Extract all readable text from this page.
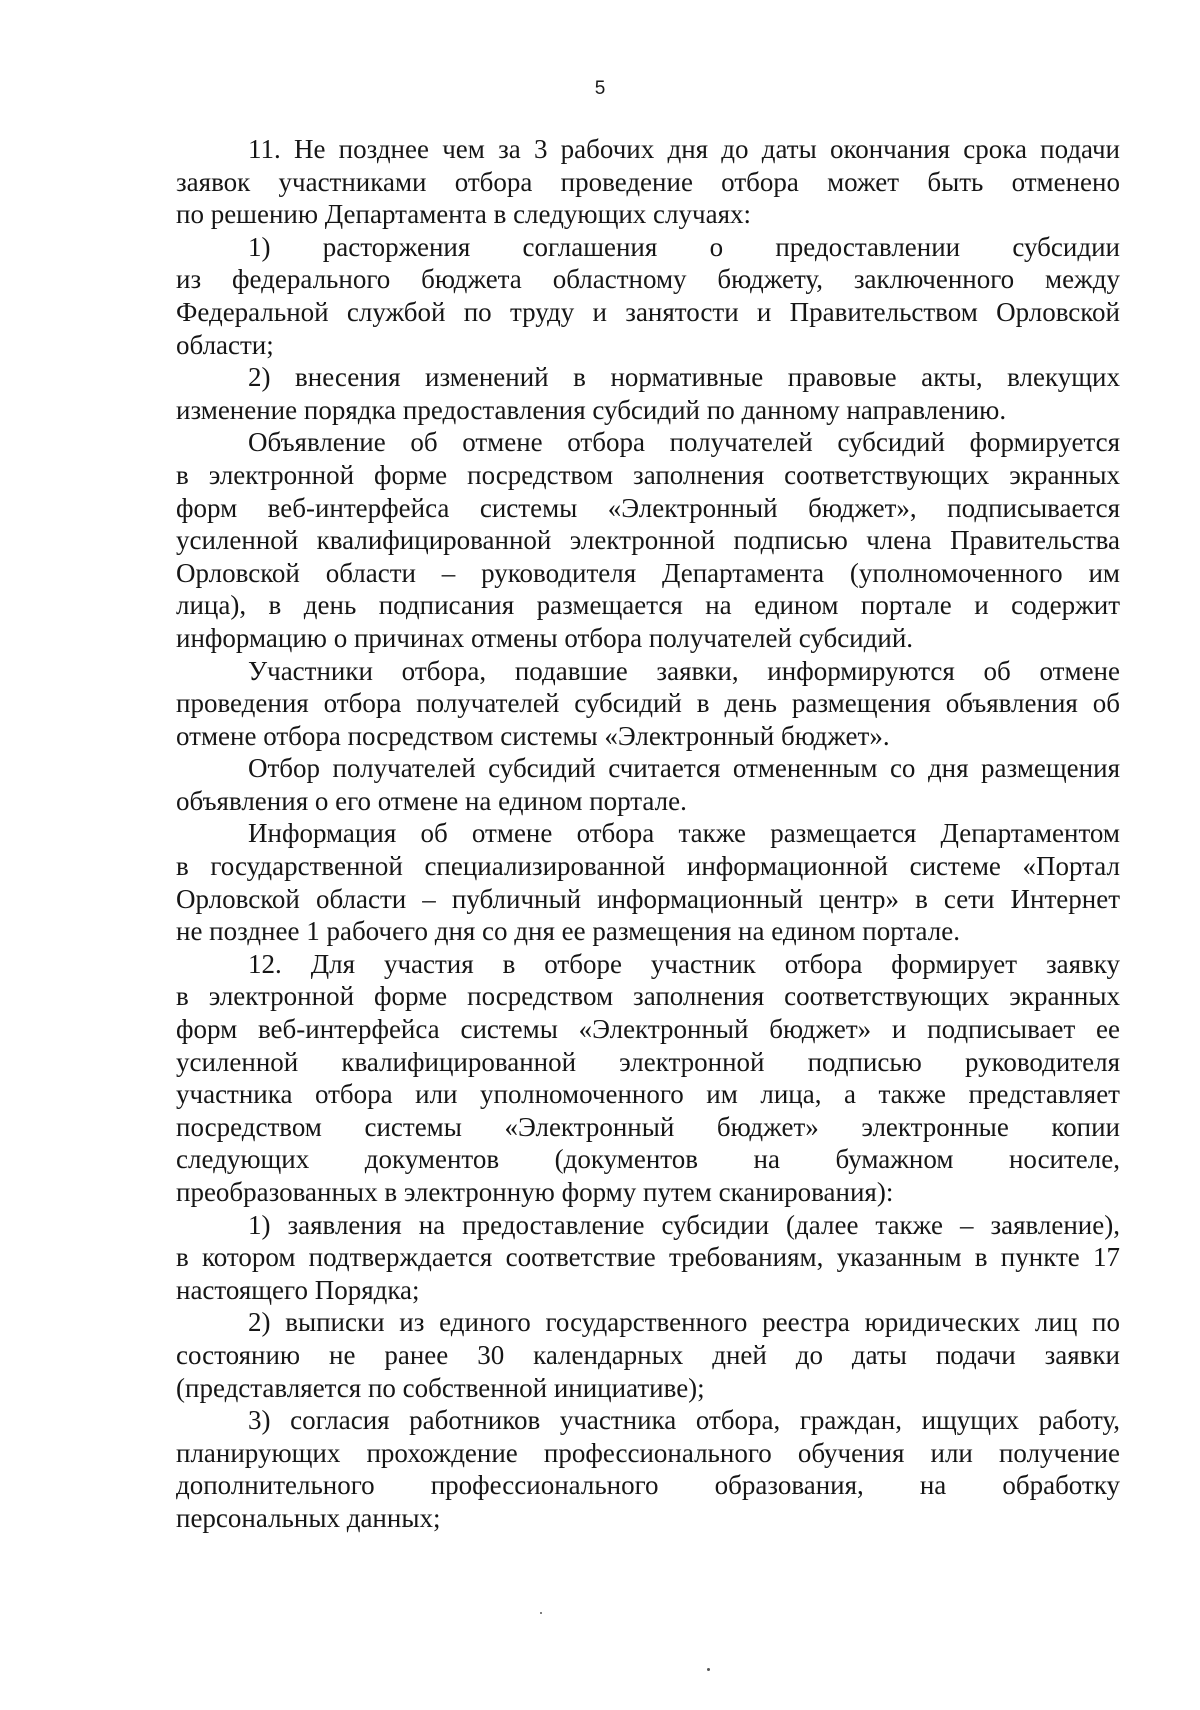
5
11. Не позднее чем за 3 рабочих дня до даты окончания срока подачи
заявок участниками отбора проведение отбора может быть отменено
по решению Департамента в следующих случаях:
1) расторжения соглашения о предоставлении субсидии
из федерального бюджета областному бюджету, заключенного между
Федеральной службой по труду и занятости и Правительством Орловской
области;
2) внесения изменений в нормативные правовые акты, влекущих
изменение порядка предоставления субсидий по данному направлению.
Объявление об отмене отбора получателей субсидий формируется
в электронной форме посредством заполнения соответствующих экранных
форм веб-интерфейса системы «Электронный бюджет», подписывается
усиленной квалифицированной электронной подписью члена Правительства
Орловской области – руководителя Департамента (уполномоченного им
лица), в день подписания размещается на едином портале и содержит
информацию о причинах отмены отбора получателей субсидий.
Участники отбора, подавшие заявки, информируются об отмене
проведения отбора получателей субсидий в день размещения объявления об
отмене отбора посредством системы «Электронный бюджет».
Отбор получателей субсидий считается отмененным со дня размещения
объявления о его отмене на едином портале.
Информация об отмене отбора также размещается Департаментом
в государственной специализированной информационной системе «Портал
Орловской области – публичный информационный центр» в сети Интернет
не позднее 1 рабочего дня со дня ее размещения на едином портале.
12. Для участия в отборе участник отбора формирует заявку
в электронной форме посредством заполнения соответствующих экранных
форм веб-интерфейса системы «Электронный бюджет» и подписывает ее
усиленной квалифицированной электронной подписью руководителя
участника отбора или уполномоченного им лица, а также представляет
посредством системы «Электронный бюджет» электронные копии
следующих документов (документов на бумажном носителе,
преобразованных в электронную форму путем сканирования):
1) заявления на предоставление субсидии (далее также – заявление),
в котором подтверждается соответствие требованиям, указанным в пункте 17
настоящего Порядка;
2) выписки из единого государственного реестра юридических лиц по
состоянию не ранее 30 календарных дней до даты подачи заявки
(представляется по собственной инициативе);
3) согласия работников участника отбора, граждан, ищущих работу,
планирующих прохождение профессионального обучения или получение
дополнительного профессионального образования, на обработку
персональных данных;
